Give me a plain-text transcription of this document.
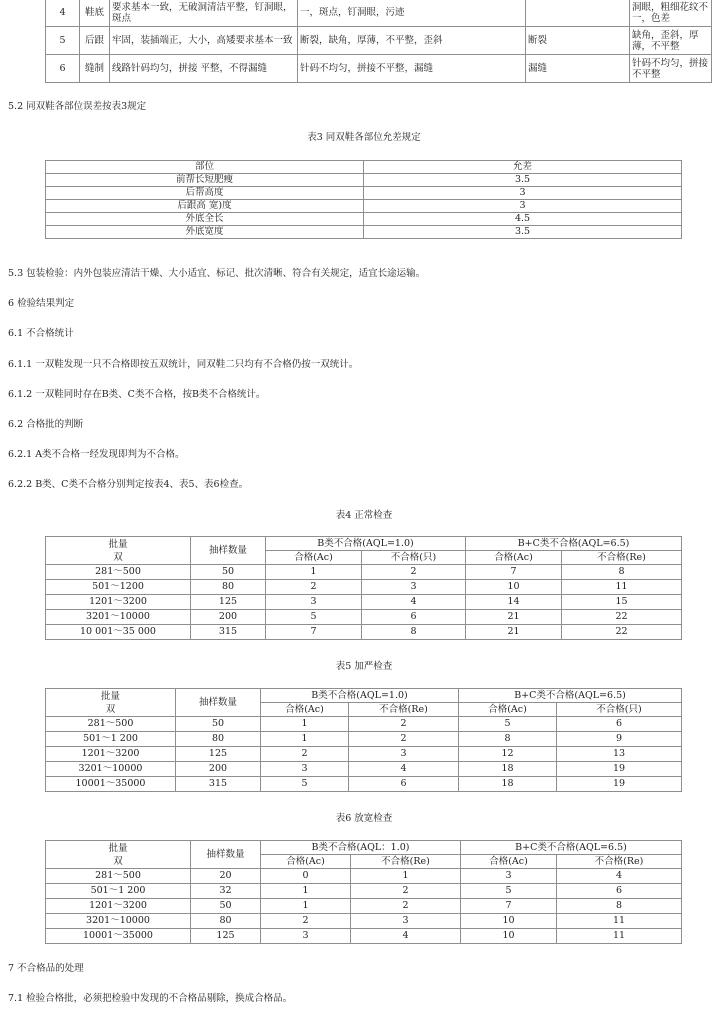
4	鞋底	要求基本一致，无破洞清洁平整，钉洞眼，斑点	一，斑点，钉洞眼，污迹		洞眼，粗细花纹不一，色差
5	后跟	牢固，装插端正，大小，高矮要求基本一致	断裂，缺角，厚薄，不平整，歪斜	断裂	缺角，歪斜，厚薄，不平整
6	缝制	线路针码均匀，拼接 平整，不得漏缝	针码不均匀，拼接不平整，漏缝	漏缝	针码不均匀，拼接不平整
5.2 同双鞋各部位误差按表3规定
表3 同双鞋各部位允差规定
部位	允差
前帮长短肥瘦	3.5
后帮高度	3
后跟高 宽)度	3
外底全长	4.5
外底宽度	3.5
5.3 包装检验：内外包装应清洁干燥、大小适宜、标记、批次清晰、符合有关规定，适宜长途运输。
6 检验结果判定
6.1 不合格统计
6.1.1 一双鞋发现一只不合格即按五双统计，同双鞋二只均有不合格仍按一双统计。
6.1.2 一双鞋同时存在B类、C类不合格，按B类不合格统计。
6.2 合格批的判断
6.2.1 A类不合格一经发现即判为不合格。
6.2.2 B类、C类不合格分别判定按表4、表5、表6检查。
表4 正常检查
批量
双	抽样数量	B类不合格(AQL=1.0)		B+C类不合格(AQL=6.5)	
		合格(Ac)	不合格(只)	合格(Ac)	不合格(Re)
281～500	50	1	2	7	8
501～1200	80	2	3	10	11
1201～3200	125	3	4	14	15
3201～10000	200	5	6	21	22
10 001～35 000	315	7	8	21	22
表5 加严检查
批量
双	抽样数量	B类不合格(AQL=1.0)		B+C类不合格(AQL=6.5)	
		合格(Ac)	不合格(Re)	合格(Ac)	不合格(只)
281～500	50	1	2	5	6
501～1 200	80	1	2	8	9
1201～3200	125	2	3	12	13
3201～10000	200	3	4	18	19
10001～35000	315	5	6	18	19
表6 放宽检查
批量
双	抽样数量	B类不合格(AQL：1.0)		B+C类不合格(AQL=6.5)	
		合格(Ac)	不合格(Re)	合格(Ac)	不合格(Re)
281～500	20	0	1	3	4
501～1 200	32	1	2	5	6
1201～3200	50	1	2	7	8
3201～10000	80	2	3	10	11
10001～35000	125	3	4	10	11
7 不合格品的处理
7.1 检验合格批，必须把检验中发现的不合格品剔除，换成合格品。
